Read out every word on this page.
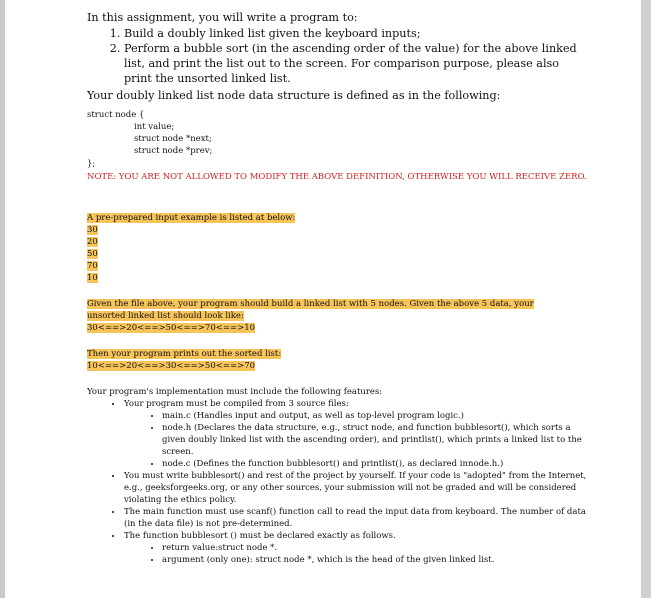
In this assignment, you will write a program to:

1. Build a doubly linked list given the keyboard inputs;
2. Perform a bubble sort (in the ascending order of the value) for the above linked list, and print the list out to the screen. For comparison purpose, please also print the unsorted linked list.

Your doubly linked list node data structure is defined as in the following:

struct node {
int value;
struct node *next;
struct node *prev;
};

NOTE: YOU ARE NOT ALLOWED TO MODIFY THE ABOVE DEFINITION, OTHERWISE YOU WILL RECEIVE ZERO.

A pre-prepared input example is listed at below:
30
20
50
70
10
Given the file above, your program should build a linked list with 5 nodes. Given the above 5 data, your unsorted linked list should look like:
30<==>20<==>50<==>70<==>10
Then your program prints out the sorted list:
10<==>20<==>30<==>50<==>70
Your program's implementation must include the following features:
• Your program must be compiled from 3 source files:
• main.c (Handles input and output, as well as top-level program logic.)
• node.h (Declares the data structure, e.g., struct node, and function bubblesort(), which sorts a given doubly linked list with the ascending order), and printlist(), which prints a linked list to the screen.
• node.c (Defines the function bubblesort() and printlist(), as declared innode.h.)
• You must write bubblesort() and rest of the project by yourself. If your code is "adopted" from the Internet, e.g., geeksforgeeks.org, or any other sources, your submission will not be graded and will be considered violating the ethics policy.
• The main function must use scanf() function call to read the input data from keyboard. The number of data (in the data file) is not pre-determined.
• The function bubblesort () must be declared exactly as follows.
• return value:struct node *.
• argument (only one): struct node *, which is the head of the given linked list.
